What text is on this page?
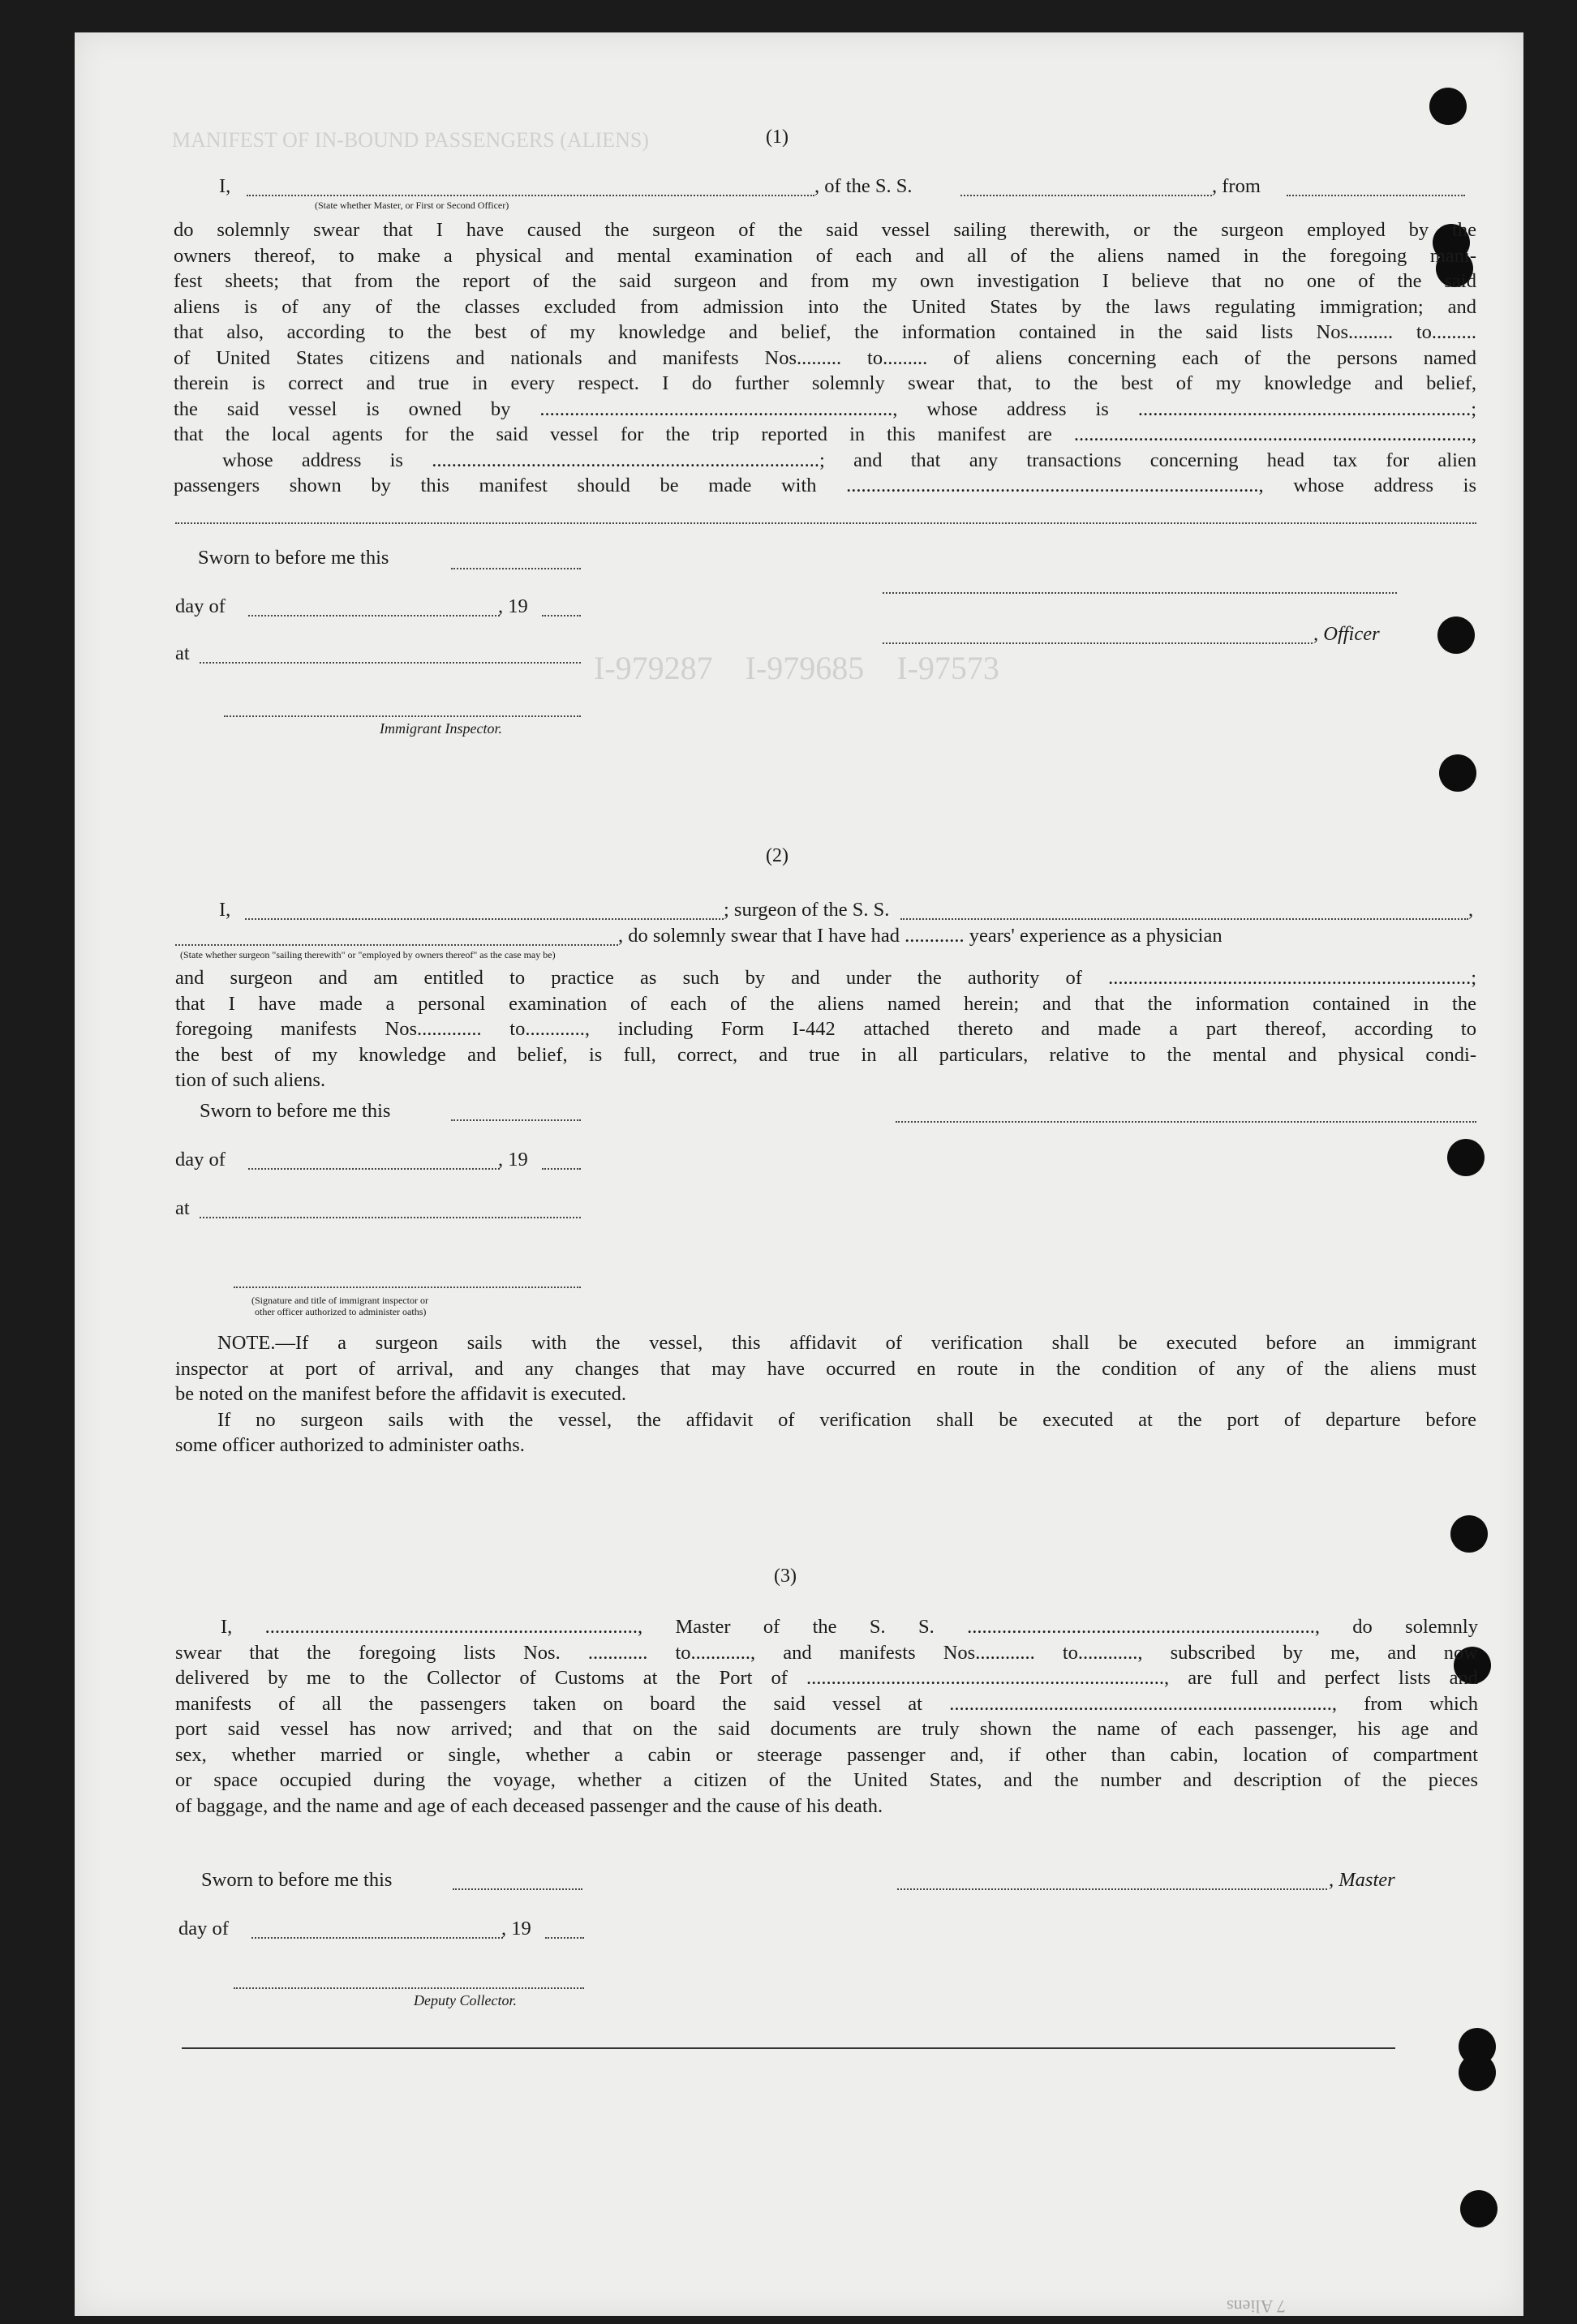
MANIFEST OF IN-BOUND PASSENGERS (ALIENS)
I-979287    I-979685    I-97573
(1)
I,	, of the S. S.	, from
(State whether Master, or First or Second Officer)
do solemnly swear that I have caused the surgeon of the said vessel sailing therewith, or the surgeon employed by the
owners thereof, to make a physical and mental examination of each and all of the aliens named in the foregoing mani-
fest sheets; that from the report of the said surgeon and from my own investigation I believe that no one of the said
aliens is of any of the classes excluded from admission into the United States by the laws regulating immigration; and
that also, according to the best of my knowledge and belief, the information contained in the said lists Nos......... to.........
of United States citizens and nationals and manifests Nos......... to......... of aliens concerning each of the persons named
therein is correct and true in every respect. I do further solemnly swear that, to the best of my knowledge and belief,
the said vessel is owned by ......................................................................., whose address is ...................................................................;
that the local agents for the said vessel for the trip reported in this manifest are ................................................................................,
whose address is ..............................................................................; and that any transactions concerning head tax for alien
passengers shown by this manifest should be made with ..................................................................................., whose address is
Sworn to before me this
day of	, 19
at
, Officer
Immigrant Inspector.
(2)
I,	; surgeon of the S. S.	,
, do solemnly swear that I have had ............ years' experience as a physician
(State whether surgeon "sailing therewith" or "employed by owners thereof" as the case may be)
and surgeon and am entitled to practice as such by and under the authority of .........................................................................;
that I have made a personal examination of each of the aliens named herein; and that the information contained in the
foregoing manifests Nos............. to............, including Form I-442 attached thereto and made a part thereof, according to
the best of my knowledge and belief, is full, correct, and true in all particulars, relative to the mental and physical condi-
tion of such aliens.
Sworn to before me this
day of	, 19
at
(Signature and title of immigrant inspector or
other officer authorized to administer oaths)
NOTE.—If a surgeon sails with the vessel, this affidavit of verification shall be executed before an immigrant
inspector at port of arrival, and any changes that may have occurred en route in the condition of any of the aliens must
be noted on the manifest before the affidavit is executed.
If no surgeon sails with the vessel, the affidavit of verification shall be executed at the port of departure before
some officer authorized to administer oaths.
(3)
I, ..........................................................................., Master of the S. S. ......................................................................, do solemnly
swear that the foregoing lists Nos. ............ to............, and manifests Nos............ to............, subscribed by me, and now
delivered by me to the Collector of Customs at the Port of ........................................................................, are full and perfect lists and
manifests of all the passengers taken on board the said vessel at ............................................................................., from which
port said vessel has now arrived; and that on the said documents are truly shown the name of each passenger, his age and
sex, whether married or single, whether a cabin or steerage passenger and, if other than cabin, location of compartment
or space occupied during the voyage, whether a citizen of the United States, and the number and description of the pieces
of baggage, and the name and age of each deceased passenger and the cause of his death.
Sworn to before me this	, Master
day of	, 19
Deputy Collector.
7 Aliens
